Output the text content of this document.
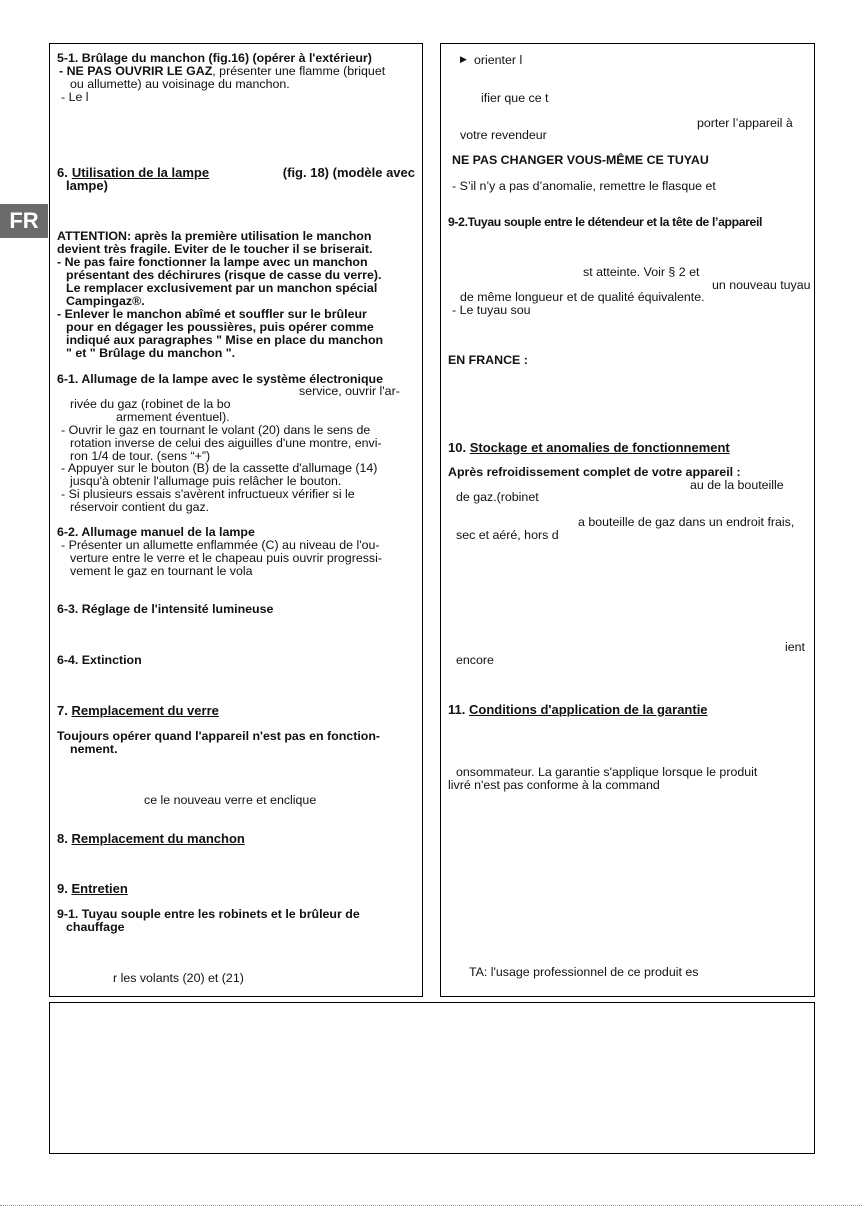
FR
5-1. Brûlage du manchon (fig.16) (opérer à l'extérieur)
- NE PAS OUVRIR LE GAZ, présenter une flamme (briquet
ou allumette) au voisinage du manchon.
- Le l
6. Utilisation de la lampe	(fig. 18) (modèle avec
lampe)
ATTENTION: après la première utilisation le manchon
devient très fragile. Eviter de le toucher il se briserait.
- Ne pas faire fonctionner la lampe avec un manchon
présentant des déchirures (risque de casse du verre).
Le remplacer exclusivement par un manchon spécial
Campingaz®.
- Enlever le manchon abîmé et souffler sur le brûleur
pour en dégager les poussières, puis opérer comme
indiqué aux paragraphes " Mise en place du manchon
" et " Brûlage du manchon ".
6-1. Allumage de la lampe avec le système électronique
service, ouvrir l'ar-
rivée du gaz (robinet de la bo
armement éventuel).
- Ouvrir le gaz en tournant le volant (20) dans le sens de
rotation inverse de celui des aiguilles d'une montre, envi-
ron 1/4 de tour. (sens “+”)
- Appuyer sur le bouton (B) de la cassette d'allumage (14)
jusqu'à obtenir l'allumage puis relâcher le bouton.
- Si plusieurs essais s'avèrent infructueux vérifier si le
réservoir contient du gaz.
6-2. Allumage manuel de la lampe
- Présenter un allumette enflammée (C) au niveau de l'ou-
verture entre le verre et le chapeau puis ouvrir progressi-
vement le gaz en tournant le vola
6-3. Réglage de l'intensité lumineuse
6-4. Extinction
7. Remplacement du verre
Toujours opérer quand l'appareil n'est pas en fonction-
nement.
ce le nouveau verre et enclique
8. Remplacement du manchon
9. Entretien
9-1. Tuyau souple entre les robinets et le brûleur de
chauffage
r les volants (20) et (21)
▶ orienter l
ifier que ce t
porter l’appareil à
votre revendeur
NE PAS CHANGER VOUS-MÊME CE TUYAU
- S’il n’y a pas d’anomalie, remettre le flasque et
9-2.Tuyau souple entre le détendeur et la tête de l’appareil
st atteinte. Voir § 2 et
un nouveau tuyau
de même longueur et de qualité équivalente.
- Le tuyau sou
EN FRANCE :
10. Stockage et anomalies de fonctionnement
Après refroidissement complet de votre appareil :
au de la bouteille
de gaz.(robinet
a bouteille de gaz dans un endroit frais,
sec et aéré, hors d
ient
encore
11. Conditions d'application de la garantie
onsommateur. La garantie s'applique lorsque le produit
livré n'est pas conforme à la command
TA: l'usage professionnel de ce produit es
